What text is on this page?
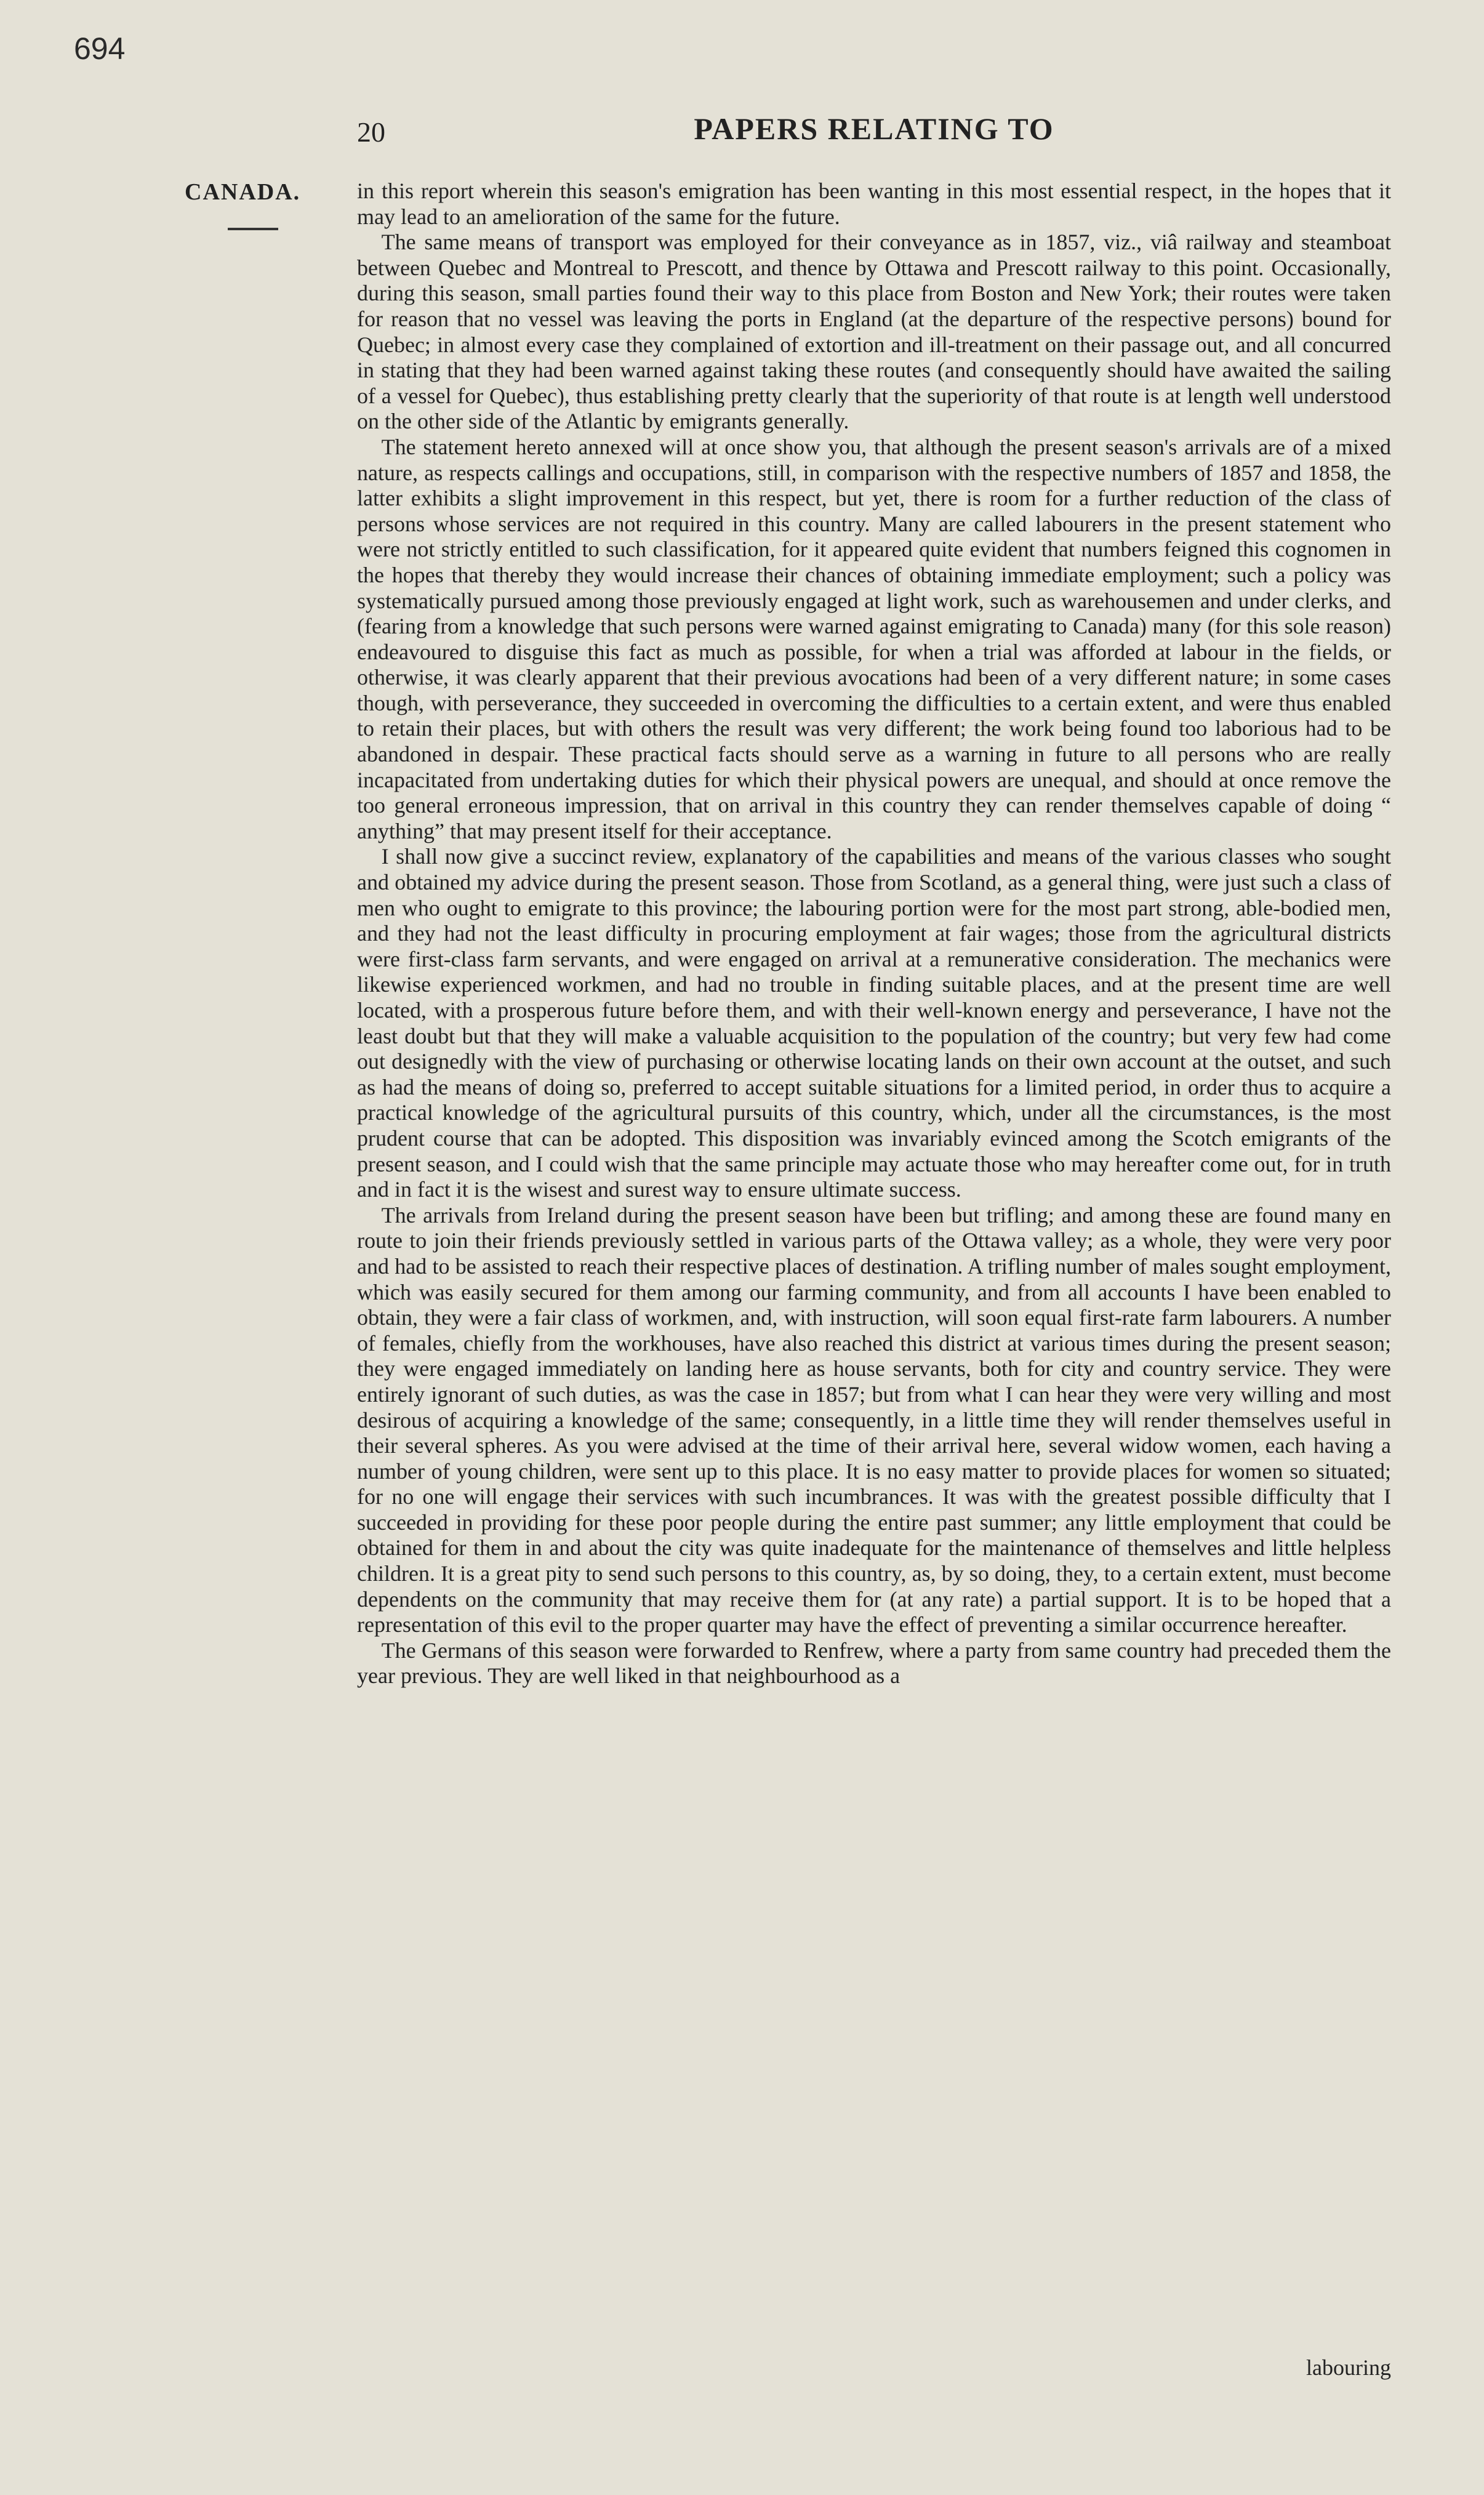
694
20	PAPERS RELATING TO
CANADA.	in this report wherein this season's emigration has been wanting in this most essential respect, in the hopes that it may lead to an amelioration of the same for the future.

The same means of transport was employed for their conveyance as in 1857, viz., viâ railway and steamboat between Quebec and Montreal to Prescott, and thence by Ottawa and Prescott railway to this point. Occasionally, during this season, small parties found their way to this place from Boston and New York; their routes were taken for reason that no vessel was leaving the ports in England (at the departure of the respective persons) bound for Quebec; in almost every case they complained of extortion and ill-treatment on their passage out, and all concurred in stating that they had been warned against taking these routes (and consequently should have awaited the sailing of a vessel for Quebec), thus establishing pretty clearly that the superiority of that route is at length well understood on the other side of the Atlantic by emigrants generally.

The statement hereto annexed will at once show you, that although the present season's arrivals are of a mixed nature, as respects callings and occupations, still, in comparison with the respective numbers of 1857 and 1858, the latter exhibits a slight improvement in this respect, but yet, there is room for a further reduction of the class of persons whose services are not required in this country. Many are called labourers in the present statement who were not strictly entitled to such classification, for it appeared quite evident that numbers feigned this cognomen in the hopes that thereby they would increase their chances of obtaining immediate employment; such a policy was systematically pursued among those previously engaged at light work, such as warehousemen and under clerks, and (fearing from a knowledge that such persons were warned against emigrating to Canada) many (for this sole reason) endeavoured to disguise this fact as much as possible, for when a trial was afforded at labour in the fields, or otherwise, it was clearly apparent that their previous avocations had been of a very different nature; in some cases though, with perseverance, they succeeded in overcoming the difficulties to a certain extent, and were thus enabled to retain their places, but with others the result was very different; the work being found too laborious had to be abandoned in despair. These practical facts should serve as a warning in future to all persons who are really incapacitated from undertaking duties for which their physical powers are unequal, and should at once remove the too general erroneous impression, that on arrival in this country they can render themselves capable of doing “ anything” that may present itself for their acceptance.

I shall now give a succinct review, explanatory of the capabilities and means of the various classes who sought and obtained my advice during the present season. Those from Scotland, as a general thing, were just such a class of men who ought to emigrate to this province; the labouring portion were for the most part strong, able-bodied men, and they had not the least difficulty in procuring employment at fair wages; those from the agricultural districts were first-class farm servants, and were engaged on arrival at a remunerative consideration. The mechanics were likewise experienced workmen, and had no trouble in finding suitable places, and at the present time are well located, with a prosperous future before them, and with their well-known energy and perseverance, I have not the least doubt but that they will make a valuable acquisition to the population of the country; but very few had come out designedly with the view of purchasing or otherwise locating lands on their own account at the outset, and such as had the means of doing so, preferred to accept suitable situations for a limited period, in order thus to acquire a practical knowledge of the agricultural pursuits of this country, which, under all the circumstances, is the most prudent course that can be adopted. This disposition was invariably evinced among the Scotch emigrants of the present season, and I could wish that the same principle may actuate those who may hereafter come out, for in truth and in fact it is the wisest and surest way to ensure ultimate success.

The arrivals from Ireland during the present season have been but trifling; and among these are found many en route to join their friends previously settled in various parts of the Ottawa valley; as a whole, they were very poor and had to be assisted to reach their respective places of destination. A trifling number of males sought employment, which was easily secured for them among our farming community, and from all accounts I have been enabled to obtain, they were a fair class of workmen, and, with instruction, will soon equal first-rate farm labourers. A number of females, chiefly from the workhouses, have also reached this district at various times during the present season; they were engaged immediately on landing here as house servants, both for city and country service. They were entirely ignorant of such duties, as was the case in 1857; but from what I can hear they were very willing and most desirous of acquiring a knowledge of the same; consequently, in a little time they will render themselves useful in their several spheres. As you were advised at the time of their arrival here, several widow women, each having a number of young children, were sent up to this place. It is no easy matter to provide places for women so situated; for no one will engage their services with such incumbrances. It was with the greatest possible difficulty that I succeeded in providing for these poor people during the entire past summer; any little employment that could be obtained for them in and about the city was quite inadequate for the maintenance of themselves and little helpless children. It is a great pity to send such persons to this country, as, by so doing, they, to a certain extent, must become dependents on the community that may receive them for (at any rate) a partial support. It is to be hoped that a representation of this evil to the proper quarter may have the effect of preventing a similar occurrence hereafter.

The Germans of this season were forwarded to Renfrew, where a party from same country had preceded them the year previous. They are well liked in that neighbourhood as a

labouring
